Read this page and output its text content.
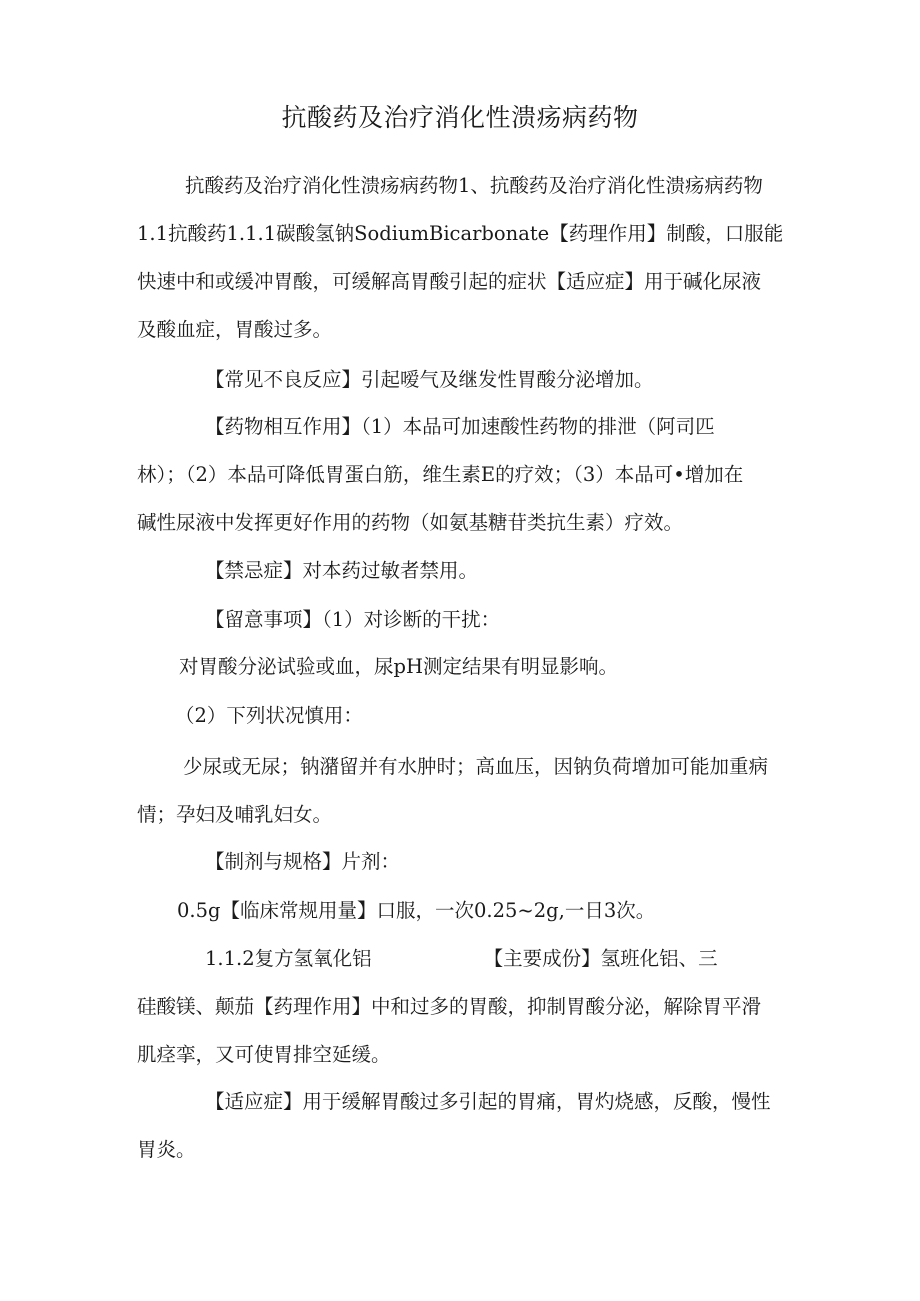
抗酸药及治疗消化性溃疡病药物
抗酸药及治疗消化性溃疡病药物1、抗酸药及治疗消化性溃疡病药物
1.1抗酸药1.1.1碳酸氢钠SodiumBicarbonate【药理作用】制酸，口服能
快速中和或缓冲胃酸，可缓解高胃酸引起的症状【适应症】用于碱化尿液
及酸血症，胃酸过多。
【常见不良反应】引起嗳气及继发性胃酸分泌增加。
【药物相互作用】（1）本品可加速酸性药物的排泄（阿司匹
林）；（2）本品可降低胃蛋白筋，维生素E的疗效；（3）本品可•增加在
碱性尿液中发挥更好作用的药物（如氨基糖苷类抗生素）疗效。
【禁忌症】对本药过敏者禁用。
【留意事项】（1）对诊断的干扰：
对胃酸分泌试验或血，尿pH测定结果有明显影响。
（2）下列状况慎用：
少尿或无尿；钠潴留并有水肿时；高血压，因钠负荷增加可能加重病
情；孕妇及哺乳妇女。
【制剂与规格】片剂：
0.5g【临床常规用量】口服，一次0.25~2g,一日3次。
1.1.2复方氢氧化铝	【主要成份】氢班化铝、三
硅酸镁、颠茄【药理作用】中和过多的胃酸，抑制胃酸分泌，解除胃平滑
肌痉挛，又可使胃排空延缓。
【适应症】用于缓解胃酸过多引起的胃痛，胃灼烧感，反酸，慢性
胃炎。
